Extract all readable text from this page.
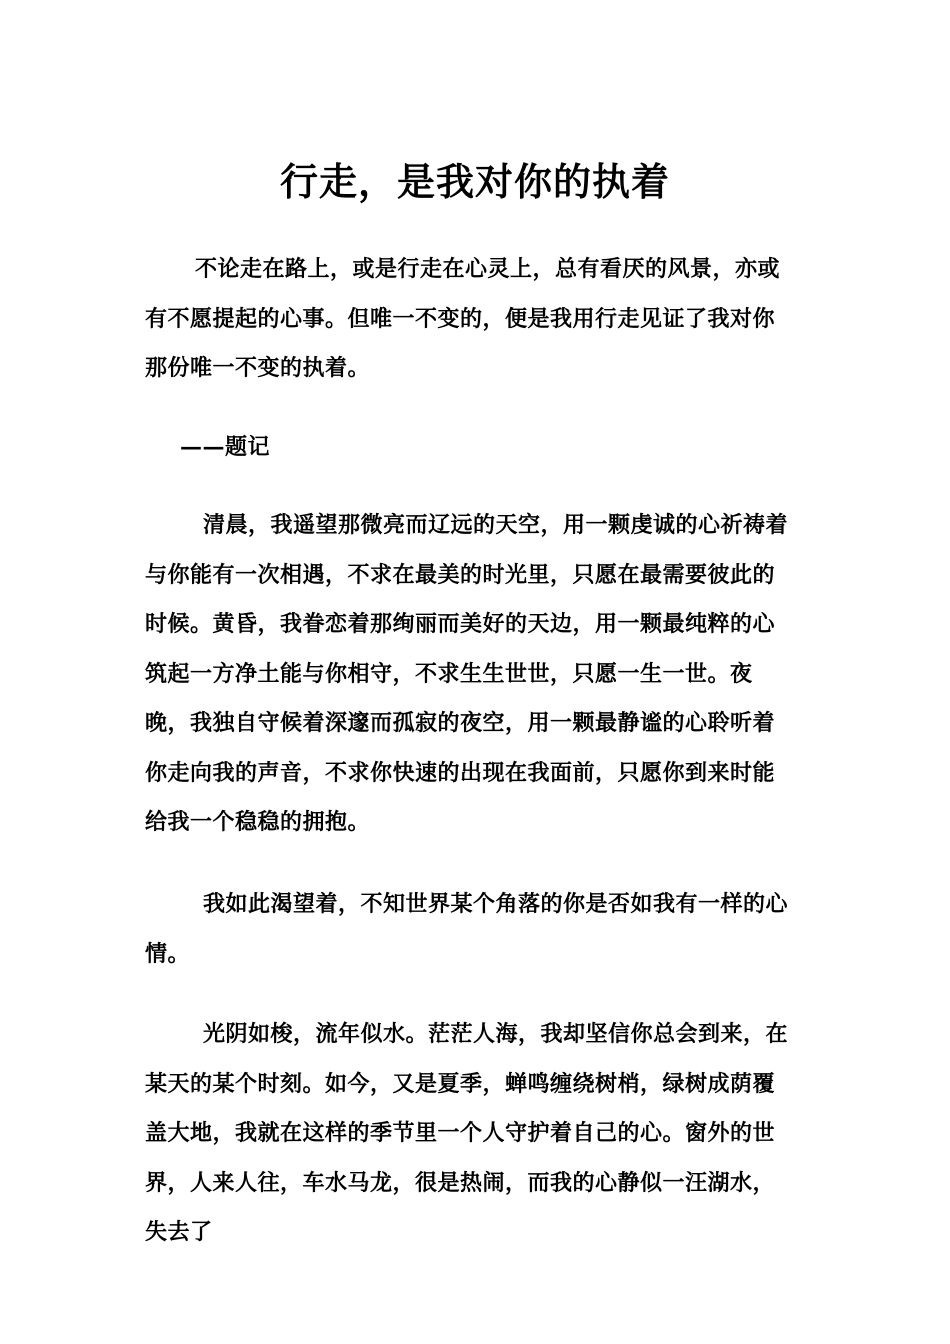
行走，是我对你的执着

不论走在路上，或是行走在心灵上，总有看厌的风景，亦或有不愿提起的心事。但唯一不变的，便是我用行走见证了我对你那份唯一不变的执着。

——题记

清晨，我遥望那微亮而辽远的天空，用一颗虔诚的心祈祷着与你能有一次相遇，不求在最美的时光里，只愿在最需要彼此的时候。黄昏，我眷恋着那绚丽而美好的天边，用一颗最纯粹的心筑起一方净土能与你相守，不求生生世世，只愿一生一世。夜晚，我独自守候着深邃而孤寂的夜空，用一颗最静谧的心聆听着你走向我的声音，不求你快速的出现在我面前，只愿你到来时能给我一个稳稳的拥抱。

我如此渴望着，不知世界某个角落的你是否如我有一样的心情。

光阴如梭，流年似水。茫茫人海，我却坚信你总会到来，在某天的某个时刻。如今，又是夏季，蝉鸣缠绕树梢，绿树成荫覆盖大地，我就在这样的季节里一个人守护着自己的心。窗外的世界，人来人往，车水马龙，很是热闹，而我的心静似一汪湖水，失去了
